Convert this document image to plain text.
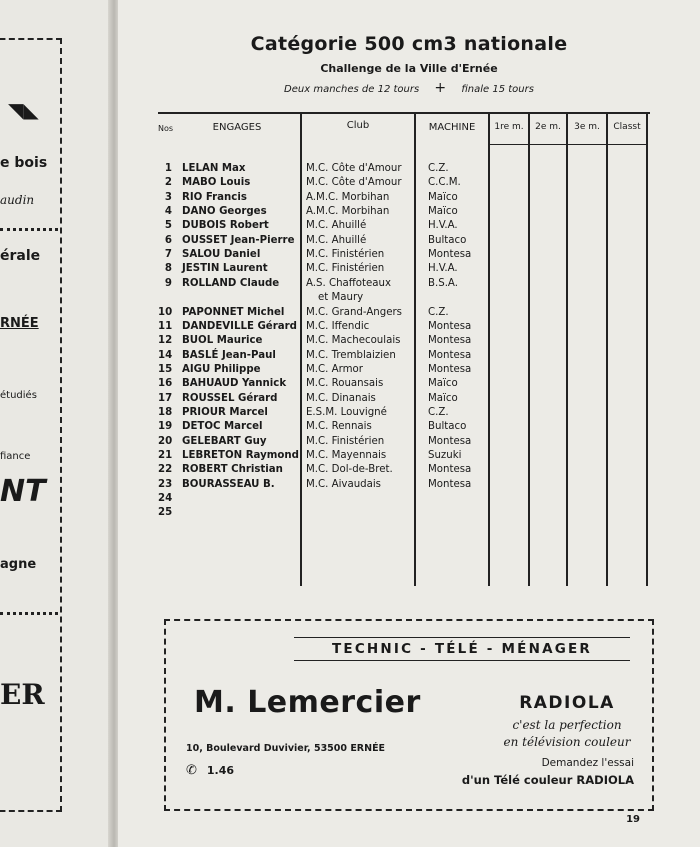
◥◣
e bois
audin
érale
RNÉE
étudiés
fiance
NT
agne
ER
Catégorie 500 cm3 nationale
Challenge de la Ville d'Ernée
Deux manches de 12 tours + finale 15 tours
Nos	ENGAGES	Club	MACHINE	1re m.	2e m.	3e m.	Classt
1 LELAN Max	M.C. Côte d'Amour	C.Z.
2 MABO Louis	M.C. Côte d'Amour	C.C.M.
3 RIO Francis	A.M.C. Morbihan	Maïco
4 DANO Georges	A.M.C. Morbihan	Maïco
5 DUBOIS Robert	M.C. Ahuillé	H.V.A.
6 OUSSET Jean-Pierre M.C. Ahuillé	Bultaco
7 SALOU Daniel	M.C. Finistérien	Montesa
8 JESTIN Laurent	M.C. Finistérien	H.V.A.
9 ROLLAND Claude	A.S. Chaffoteaux	B.S.A.
et Maury
10 PAPONNET Michel M.C. Grand-Angers	C.Z.
11 DANDEVILLE Gérard M.C. Iffendic	Montesa
12 BUOL Maurice	M.C. Machecoulais	Montesa
14 BASLÉ Jean-Paul	M.C. Tremblaizien	Montesa
15 AIGU Philippe	M.C. Armor	Montesa
16 BAHUAUD Yannick M.C. Rouansais	Maïco
17 ROUSSEL Gérard	M.C. Dinanais	Maïco
18 PRIOUR Marcel	E.S.M. Louvigné	C.Z.
19 DETOC Marcel	M.C. Rennais	Bultaco
20 GELEBART Guy	M.C. Finistérien	Montesa
21 LEBRETON Raymond M.C. Mayennais	Suzuki
22 ROBERT Christian M.C. Dol-de-Bret.	Montesa
23 BOURASSEAU B.	M.C. Aivaudais	Montesa
24
25
TECHNIC - TÉLÉ - MÉNAGER
M. Lemercier	RADIOLA
c'est la perfection
en télévision couleur
10, Boulevard Duvivier, 53500 ERNÉE
✆ 1.46
Demandez l'essai
d'un Télé couleur RADIOLA
19
